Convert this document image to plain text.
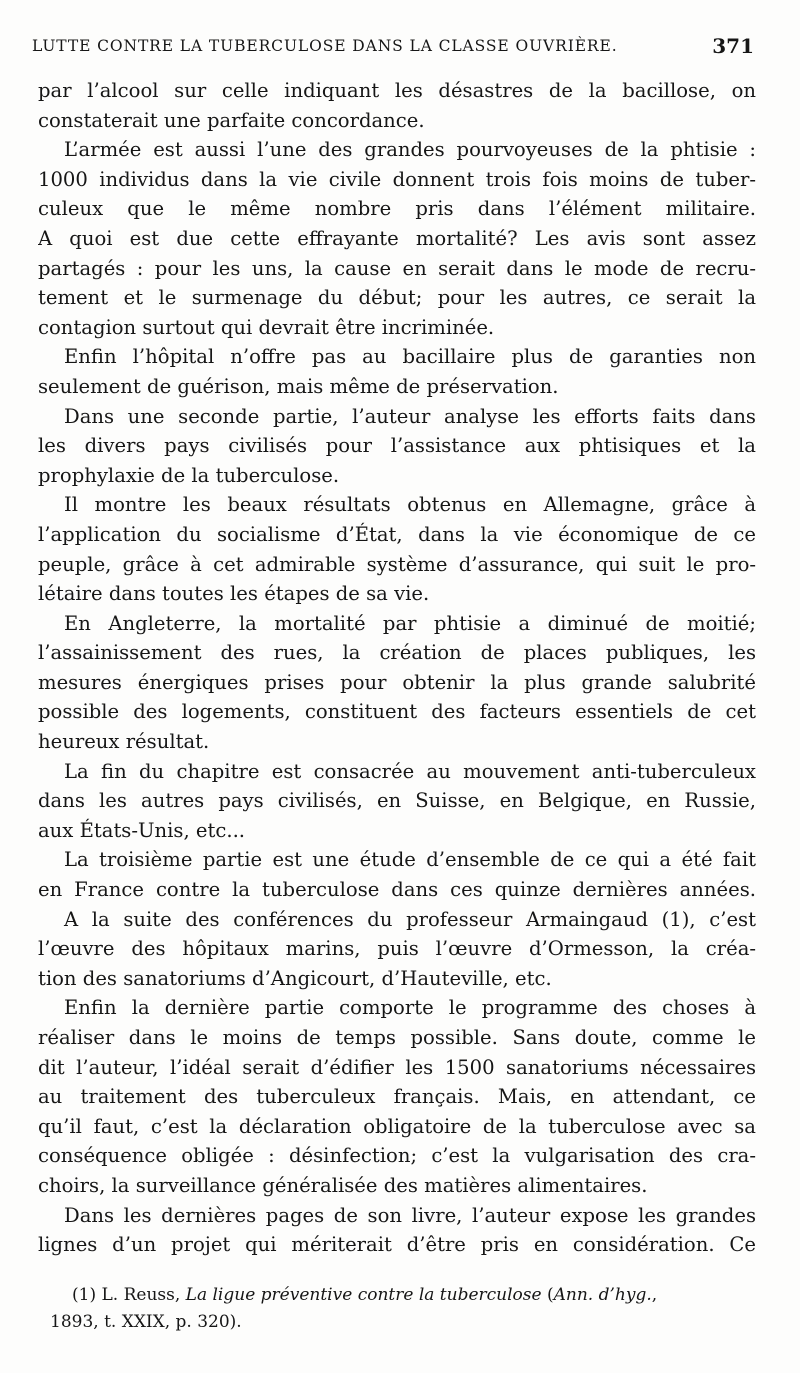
LUTTE CONTRE LA TUBERCULOSE DANS LA CLASSE OUVRIÈRE.	371
par l’alcool sur celle indiquant les désastres de la bacillose, on
constaterait une parfaite concordance.
L’armée est aussi l’une des grandes pourvoyeuses de la phtisie :
1000 individus dans la vie civile donnent trois fois moins de tuber-
culeux que le même nombre pris dans l’élément militaire.
A quoi est due cette effrayante mortalité? Les avis sont assez
partagés : pour les uns, la cause en serait dans le mode de recru-
tement et le surmenage du début; pour les autres, ce serait la
contagion surtout qui devrait être incriminée.
Enfin l’hôpital n’offre pas au bacillaire plus de garanties non
seulement de guérison, mais même de préservation.
Dans une seconde partie, l’auteur analyse les efforts faits dans
les divers pays civilisés pour l’assistance aux phtisiques et la
prophylaxie de la tuberculose.
Il montre les beaux résultats obtenus en Allemagne, grâce à
l’application du socialisme d’État, dans la vie économique de ce
peuple, grâce à cet admirable système d’assurance, qui suit le pro-
létaire dans toutes les étapes de sa vie.
En Angleterre, la mortalité par phtisie a diminué de moitié;
l’assainissement des rues, la création de places publiques, les
mesures énergiques prises pour obtenir la plus grande salubrité
possible des logements, constituent des facteurs essentiels de cet
heureux résultat.
La fin du chapitre est consacrée au mouvement anti-tuberculeux
dans les autres pays civilisés, en Suisse, en Belgique, en Russie,
aux États-Unis, etc...
La troisième partie est une étude d’ensemble de ce qui a été fait
en France contre la tuberculose dans ces quinze dernières années.
A la suite des conférences du professeur Armaingaud (1), c’est
l’œuvre des hôpitaux marins, puis l’œuvre d’Ormesson, la créa-
tion des sanatoriums d’Angicourt, d’Hauteville, etc.
Enfin la dernière partie comporte le programme des choses à
réaliser dans le moins de temps possible. Sans doute, comme le
dit l’auteur, l’idéal serait d’édifier les 1500 sanatoriums nécessaires
au traitement des tuberculeux français. Mais, en attendant, ce
qu’il faut, c’est la déclaration obligatoire de la tuberculose avec sa
conséquence obligée : désinfection; c’est la vulgarisation des cra-
choirs, la surveillance généralisée des matières alimentaires.
Dans les dernières pages de son livre, l’auteur expose les grandes
lignes d’un projet qui mériterait d’être pris en considération. Ce
(1) L. Reuss, La ligue préventive contre la tuberculose (Ann. d’hyg.,
1893, t. XXIX, p. 320).
